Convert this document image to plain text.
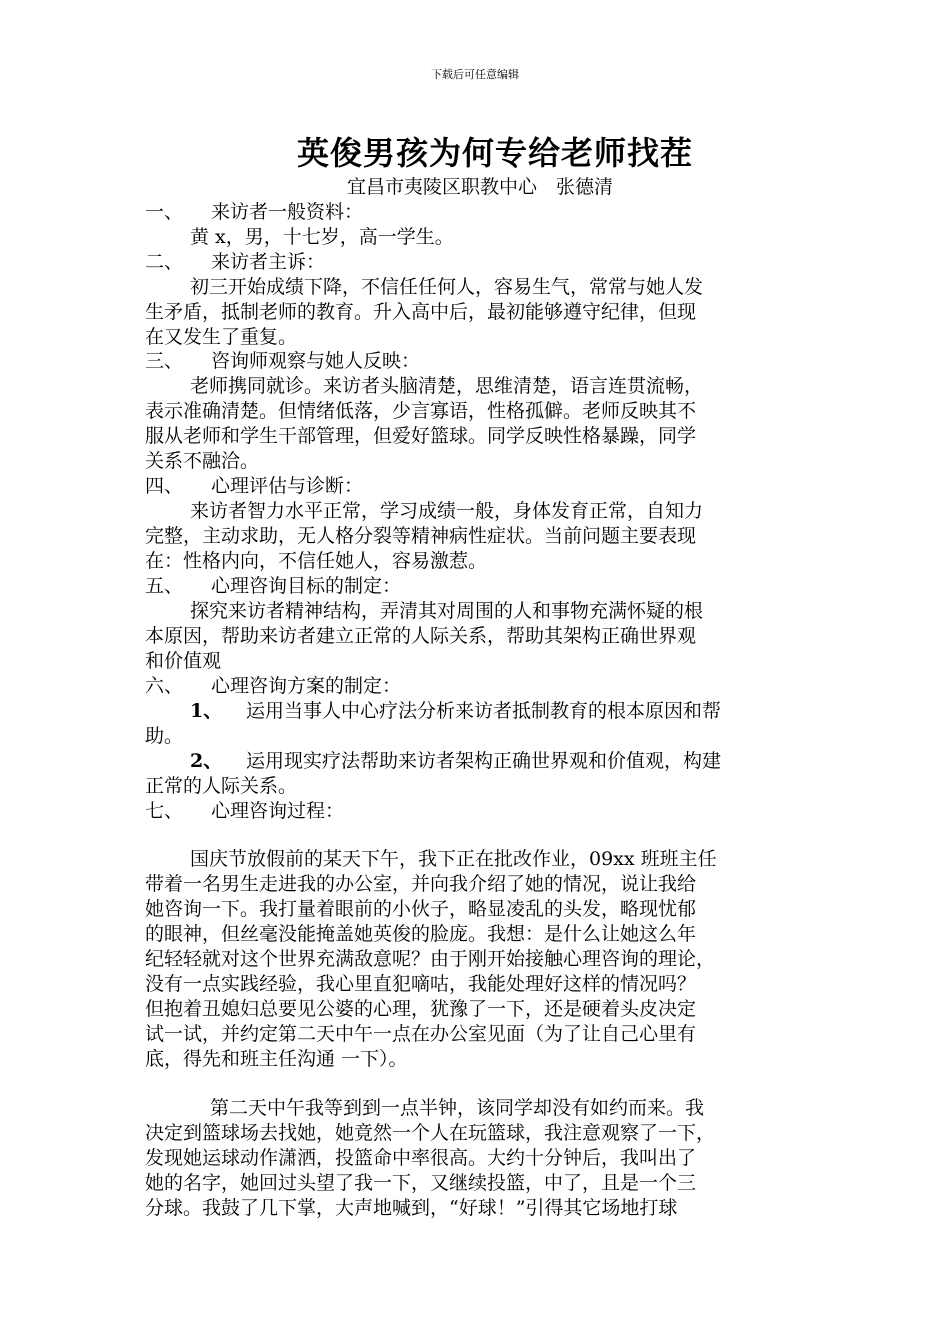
下载后可任意编辑
英俊男孩为何专给老师找茬
宜昌市夷陵区职教中心　张德清
一、 来访者一般资料：
黄 x，男，十七岁，高一学生。
二、 来访者主诉：
初三开始成绩下降，不信任任何人，容易生气，常常与她人发
生矛盾，抵制老师的教育。升入高中后，最初能够遵守纪律，但现
在又发生了重复。
三、 咨询师观察与她人反映：
老师携同就诊。来访者头脑清楚，思维清楚，语言连贯流畅，
表示准确清楚。但情绪低落，少言寡语，性格孤僻。老师反映其不
服从老师和学生干部管理，但爱好篮球。同学反映性格暴躁，同学
关系不融洽。
四、 心理评估与诊断：
来访者智力水平正常，学习成绩一般，身体发育正常，自知力
完整，主动求助，无人格分裂等精神病性症状。当前问题主要表现
在：性格内向，不信任她人，容易激惹。
五、 心理咨询目标的制定：
探究来访者精神结构，弄清其对周围的人和事物充满怀疑的根
本原因，帮助来访者建立正常的人际关系，帮助其架构正确世界观
和价值观
六、 心理咨询方案的制定：
1、 运用当事人中心疗法分析来访者抵制教育的根本原因和帮
助。
2、 运用现实疗法帮助来访者架构正确世界观和价值观，构建
正常的人际关系。
七、 心理咨询过程：
国庆节放假前的某天下午，我下正在批改作业，09xx 班班主任
带着一名男生走进我的办公室，并向我介绍了她的情况，说让我给
她咨询一下。我打量着眼前的小伙子，略显凌乱的头发，略现忧郁
的眼神，但丝毫没能掩盖她英俊的脸庞。我想：是什么让她这么年
纪轻轻就对这个世界充满敌意呢？由于刚开始接触心理咨询的理论，
没有一点实践经验，我心里直犯嘀咕，我能处理好这样的情况吗？
但抱着丑媳妇总要见公婆的心理，犹豫了一下，还是硬着头皮决定
试一试，并约定第二天中午一点在办公室见面（为了让自己心里有
底，得先和班主任沟通 一下）。
第二天中午我等到到一点半钟，该同学却没有如约而来。我
决定到篮球场去找她，她竟然一个人在玩篮球，我注意观察了一下，
发现她运球动作潇洒，投篮命中率很高。大约十分钟后，我叫出了
她的名字，她回过头望了我一下，又继续投篮，中了，且是一个三
分球。我鼓了几下掌，大声地喊到，“好球！”引得其它场地打球
